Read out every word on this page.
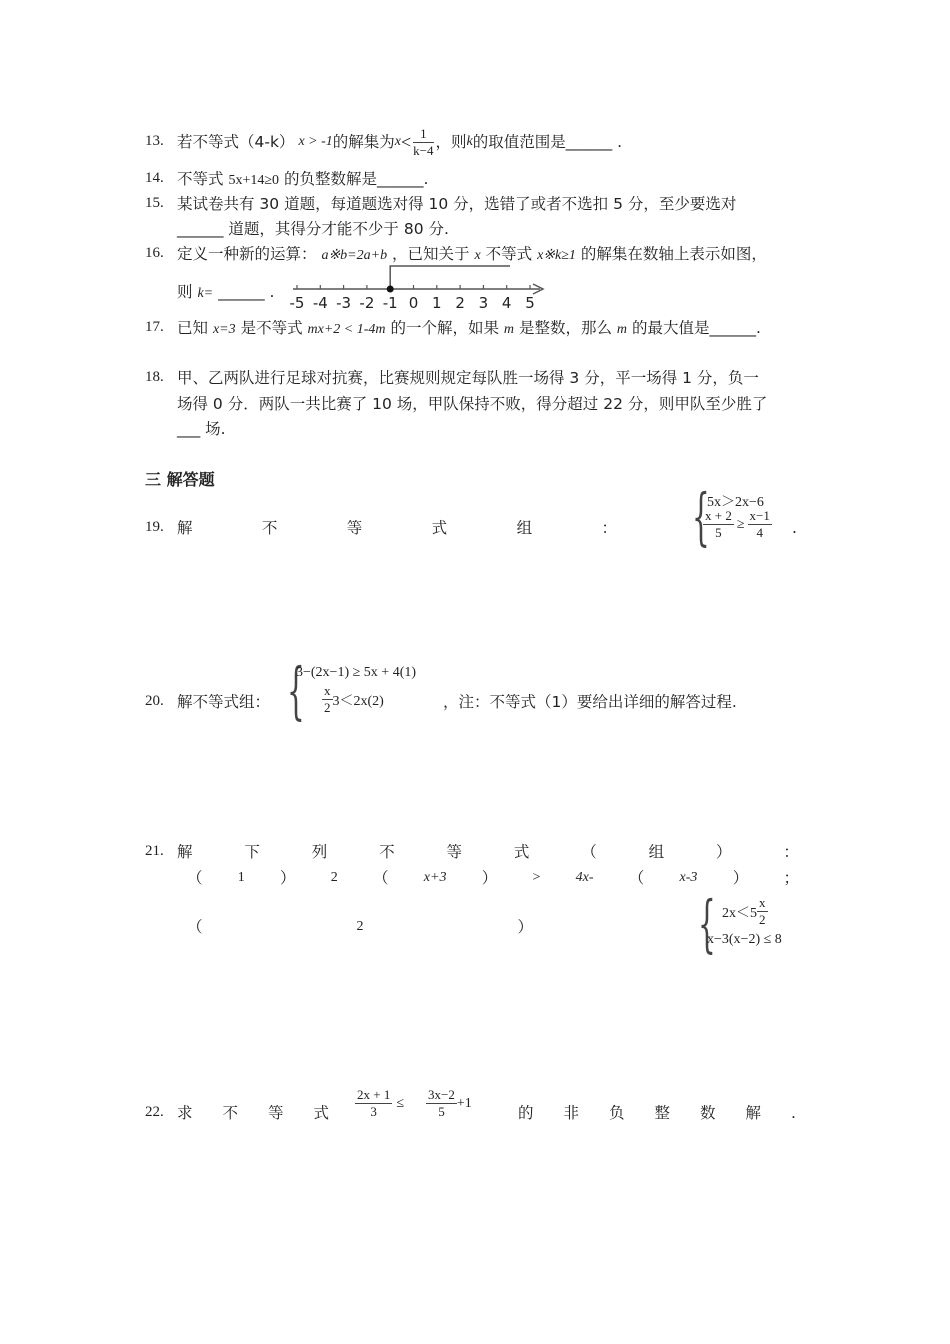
13. 若不等式（4-k） x > -1 的解集为 $x < \frac{1}{k-4}$ ，则 k 的取值范围是______ .
14. 不等式 5x+14≥0 的负整数解是______.
15. 某试卷共有 30 道题，每道题选对得 10 分，选错了或者不选扣 5 分，至少要选对
______ 道题，其得分才能不少于 80 分.
16. 定义一种新的运算： a※b=2a+b ，已知关于 x 不等式 x※k≥1 的解集在数轴上表示如图，
则 k= ______ .
-5 -4 -3 -2 -1 0 1 2 3 4 5
17. 已知 x=3 是不等式 mx+2 < 1-4m 的一个解，如果 m 是整数，那么 m 的最大值是______.
18. 甲、乙两队进行足球对抗赛，比赛规则规定每队胜一场得 3 分，平一场得 1 分，负一
场得 0 分．两队一共比赛了 10 场，甲队保持不败，得分超过 22 分，则甲队至少胜了
___ 场.
三 解答题
19. 解	不	等	式	组	： {
5x＞2x−6
$\frac{x + 2}{5} \ge \frac{x-1}{4}$ .
20. 解不等式组： {
3−(2x−1) ≥ 5x + 4(1)
$\frac{x}{2} 3<2x(2)$	，注：不等式（1）要给出详细的解答过程.
21. 解	下	列	不	等	式	（	组	）	：
（	1 ）	2 （	x+3 ）	>	4x- （	x-3 ） ；
（	2	）	{ $2x<5 \frac{x}{2}$
x−3(x−2) ≤ 8
22. 求 不 等 式 $\frac{2x + 1}{3} \le \frac{3x-2}{5} +1$
的 非 负 整 数 解 .
